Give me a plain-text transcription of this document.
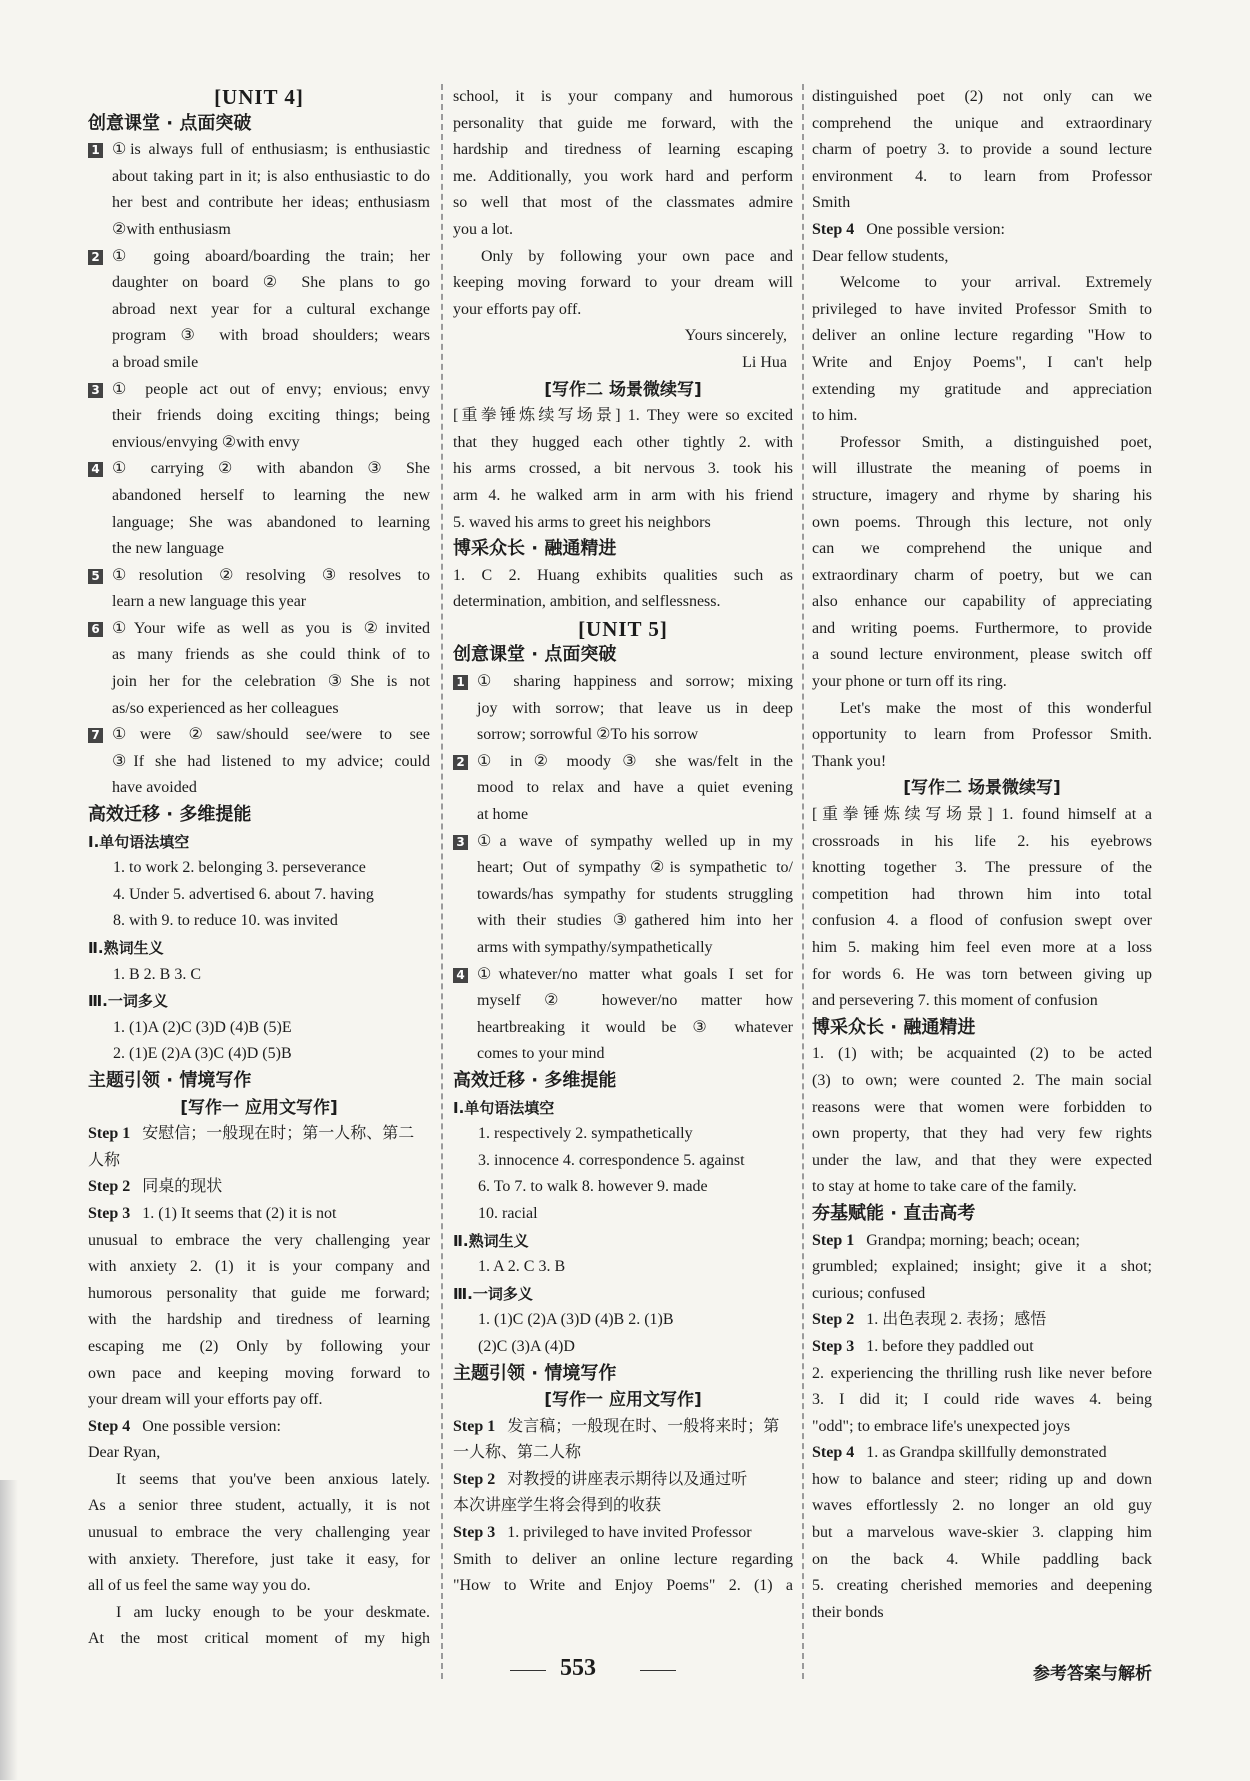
[UNIT 4]
创意课堂 · 点面突破
1 ①is always full of enthusiasm; is enthusiastic
about taking part in it; is also enthusiastic to do
her best and contribute her ideas; enthusiasm
②with enthusiasm
2 ① going aboard/boarding the train; her
daughter on board ② She plans to go
abroad next year for a cultural exchange
program ③ with broad shoulders; wears
a broad smile
3 ① people act out of envy; envious; envy
their friends doing exciting things; being
envious/envying ②with envy
4 ① carrying ② with abandon ③ She
abandoned herself to learning the new
language; She was abandoned to learning
the new language
5 ①resolution ②resolving ③resolves to
learn a new language this year
6 ①Your wife as well as you is ②invited
as many friends as she could think of to
join her for the celebration ③She is not
as/so experienced as her colleagues
7 ①were ②saw/should see/were to see
③If she had listened to my advice; could
have avoided
高效迁移 · 多维提能
Ⅰ.单句语法填空
1. to work 2. belonging 3. perseverance
4. Under 5. advertised 6. about 7. having
8. with 9. to reduce 10. was invited
Ⅱ.熟词生义
1. B 2. B 3. C
Ⅲ.一词多义
1. (1)A (2)C (3)D (4)B (5)E
2. (1)E (2)A (3)C (4)D (5)B
主题引领 · 情境写作
[写作一 应用文写作]
Step 1 安慰信；一般现在时；第一人称、第二
人称
Step 2 同桌的现状
Step 3 1. (1) It seems that (2) it is not
unusual to embrace the very challenging year
with anxiety 2. (1) it is your company and
humorous personality that guide me forward;
with the hardship and tiredness of learning
escaping me (2) Only by following your
own pace and keeping moving forward to
your dream will your efforts pay off.
Step 4 One possible version:
Dear Ryan,
It seems that you've been anxious lately.
As a senior three student, actually, it is not
unusual to embrace the very challenging year
with anxiety. Therefore, just take it easy, for
all of us feel the same way you do.
I am lucky enough to be your deskmate.
At the most critical moment of my high
school, it is your company and humorous
personality that guide me forward, with the
hardship and tiredness of learning escaping
me. Additionally, you work hard and perform
so well that most of the classmates admire
you a lot.
Only by following your own pace and
keeping moving forward to your dream will
your efforts pay off.
Yours sincerely,
Li Hua
[写作二 场景微续写]
[重拳锤炼续写场景] 1. They were so excited
that they hugged each other tightly 2. with
his arms crossed, a bit nervous 3. took his
arm 4. he walked arm in arm with his friend
5. waved his arms to greet his neighbors
博采众长 · 融通精进
1. C 2. Huang exhibits qualities such as
determination, ambition, and selflessness.
[UNIT 5]
创意课堂 · 点面突破
1 ① sharing happiness and sorrow; mixing
joy with sorrow; that leave us in deep
sorrow; sorrowful ②To his sorrow
2 ① in ② moody ③ she was/felt in the
mood to relax and have a quiet evening
at home
3 ①a wave of sympathy welled up in my
heart; Out of sympathy ②is sympathetic to/
towards/has sympathy for students struggling
with their studies ③gathered him into her
arms with sympathy/sympathetically
4 ①whatever/no matter what goals I set for
myself ② however/no matter how
heartbreaking it would be ③ whatever
comes to your mind
高效迁移 · 多维提能
Ⅰ.单句语法填空
1. respectively 2. sympathetically
3. innocence 4. correspondence 5. against
6. To 7. to walk 8. however 9. made
10. racial
Ⅱ.熟词生义
1. A 2. C 3. B
Ⅲ.一词多义
1. (1)C (2)A (3)D (4)B 2. (1)B
(2)C (3)A (4)D
主题引领 · 情境写作
[写作一 应用文写作]
Step 1 发言稿；一般现在时、一般将来时；第
一人称、第二人称
Step 2 对教授的讲座表示期待以及通过听
本次讲座学生将会得到的收获
Step 3 1. privileged to have invited Professor
Smith to deliver an online lecture regarding
"How to Write and Enjoy Poems" 2. (1) a
distinguished poet (2) not only can we
comprehend the unique and extraordinary
charm of poetry 3. to provide a sound lecture
environment 4. to learn from Professor
Smith
Step 4 One possible version:
Dear fellow students,
Welcome to your arrival. Extremely
privileged to have invited Professor Smith to
deliver an online lecture regarding "How to
Write and Enjoy Poems", I can't help
extending my gratitude and appreciation
to him.
Professor Smith, a distinguished poet,
will illustrate the meaning of poems in
structure, imagery and rhyme by sharing his
own poems. Through this lecture, not only
can we comprehend the unique and
extraordinary charm of poetry, but we can
also enhance our capability of appreciating
and writing poems. Furthermore, to provide
a sound lecture environment, please switch off
your phone or turn off its ring.
Let's make the most of this wonderful
opportunity to learn from Professor Smith.
Thank you!
[写作二 场景微续写]
[重拳锤炼续写场景] 1. found himself at a
crossroads in his life 2. his eyebrows
knotting together 3. The pressure of the
competition had thrown him into total
confusion 4. a flood of confusion swept over
him 5. making him feel even more at a loss
for words 6. He was torn between giving up
and persevering 7. this moment of confusion
博采众长 · 融通精进
1. (1) with; be acquainted (2) to be acted
(3) to own; were counted 2. The main social
reasons were that women were forbidden to
own property, that they had very few rights
under the law, and that they were expected
to stay at home to take care of the family.
夯基赋能 · 直击高考
Step 1 Grandpa; morning; beach; ocean;
grumbled; explained; insight; give it a shot;
curious; confused
Step 2 1. 出色表现 2. 表扬；感悟
Step 3 1. before they paddled out
2. experiencing the thrilling rush like never before
3. I did it; I could ride waves 4. being
"odd"; to embrace life's unexpected joys
Step 4 1. as Grandpa skillfully demonstrated
how to balance and steer; riding up and down
waves effortlessly 2. no longer an old guy
but a marvelous wave-skier 3. clapping him
on the back 4. While paddling back
5. creating cherished memories and deepening
their bonds
553	参考答案与解析
